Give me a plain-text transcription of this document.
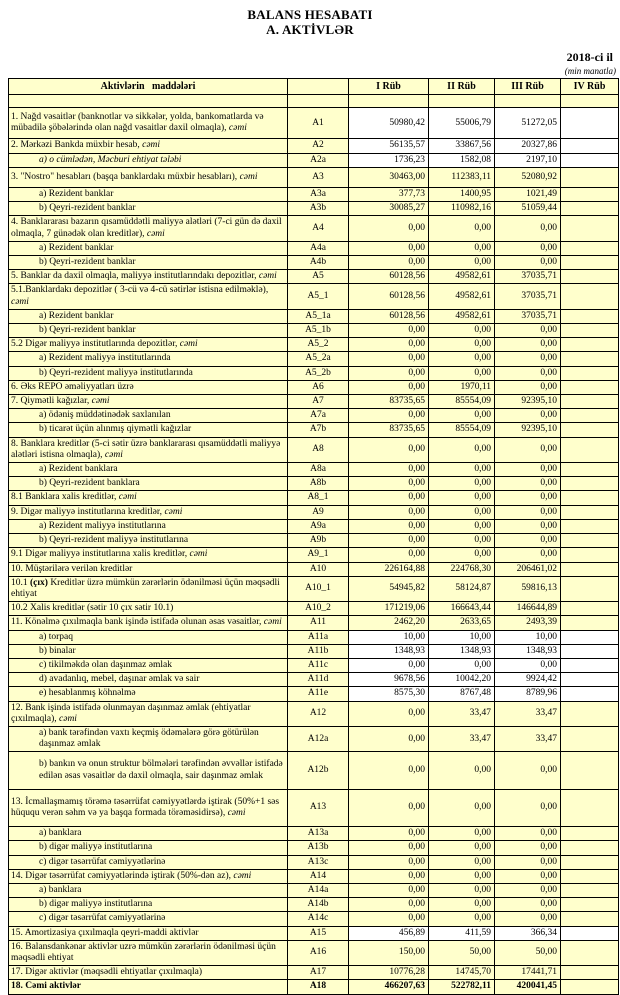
BALANS HESABATI
A. AKTİVLƏR
2018-ci il
(min manatla)
Aktivlərin maddələri		I Rüb	II Rüb	III Rüb	IV Rüb

1. Nağd vəsaitlər (banknotlar və sikkələr, yolda, bankomatlarda və mübadilə şöbələrində olan nağd vəsaitlər daxil olmaqla), cəmi	A1	50980,42	55006,79	51272,05	
2. Mərkəzi Bankda müxbir hesab, cəmi	A2	56135,57	33867,56	20327,86	
a) o cümlədən, Məcburi ehtiyat tələbi	A2a	1736,23	1582,08	2197,10	
3. "Nostro" hesabları (başqa banklardakı müxbir hesabları), cəmi	A3	30463,00	112383,11	52080,92	
a) Rezident banklar	A3a	377,73	1400,95	1021,49	
b) Qeyri-rezident banklar	A3b	30085,27	110982,16	51059,44	
4. Banklararası bazarın qısamüddətli maliyyə alətləri (7-ci gün də daxil olmaqla, 7 günədək olan kreditlər), cəmi	A4	0,00	0,00	0,00	
a) Rezident banklar	A4a	0,00	0,00	0,00	
b) Qeyri-rezident banklar	A4b	0,00	0,00	0,00	
5. Banklar da daxil olmaqla, maliyyə institutlarındakı depozitlər, cəmi	A5	60128,56	49582,61	37035,71	
5.1.Banklardakı depozitlər ( 3-cü və 4-cü sətirlər istisna edilməklə), cəmi	A5_1	60128,56	49582,61	37035,71	
a) Rezident banklar	A5_1a	60128,56	49582,61	37035,71	
b) Qeyri-rezident banklar	A5_1b	0,00	0,00	0,00	
5.2 Digər maliyyə institutlarında depozitlər, cəmi	A5_2	0,00	0,00	0,00	
a) Rezident maliyyə institutlarında	A5_2a	0,00	0,00	0,00	
b) Qeyri-rezident maliyyə institutlarında	A5_2b	0,00	0,00	0,00	
6. Əks REPO əməliyyatları üzrə	A6	0,00	1970,11	0,00	
7. Qiymətli kağızlar, cəmi	A7	83735,65	85554,09	92395,10	
a) ödəniş müddətinədək saxlanılan	A7a	0,00	0,00	0,00	
b) ticarət üçün alınmış qiymətli kağızlar	A7b	83735,65	85554,09	92395,10	
8. Banklara kreditlər (5-ci sətir üzrə banklararası qısamüddətli maliyyə alətləri istisna olmaqla), cəmi	A8	0,00	0,00	0,00	
a) Rezident banklara	A8a	0,00	0,00	0,00	
b) Qeyri-rezident banklara	A8b	0,00	0,00	0,00	
8.1 Banklara xalis kreditlər, cəmi	A8_1	0,00	0,00	0,00	
9. Digər maliyyə institutlarına kreditlər, cəmi	A9	0,00	0,00	0,00	
a) Rezident maliyyə institutlarına	A9a	0,00	0,00	0,00	
b) Qeyri-rezident maliyyə institutlarına	A9b	0,00	0,00	0,00	
9.1 Digər maliyyə institutlarına xalis kreditlər, cəmi	A9_1	0,00	0,00	0,00	
10. Müştərilərə verilən kreditlər	A10	226164,88	224768,30	206461,02	
10.1 (çıx) Kreditlər üzrə mümkün zərərlərin ödənilməsi üçün məqsədli ehtiyat	A10_1	54945,82	58124,87	59816,13	
10.2 Xalis kreditlər (sətir 10 çıx sətir 10.1)	A10_2	171219,06	166643,44	146644,89	
11. Könəlmə çıxılmaqla bank işində istifadə olunan əsas vəsaitlər, cəmi	A11	2462,20	2633,65	2493,39	
a) torpaq	A11a	10,00	10,00	10,00	
b) binalar	A11b	1348,93	1348,93	1348,93	
c) tikilməkdə olan daşınmaz əmlak	A11c	0,00	0,00	0,00	
d) avadanlıq, mebel, daşınar əmlak və sair	A11d	9678,56	10042,20	9924,42	
e) hesablanmış köhnəlmə	A11e	8575,30	8767,48	8789,96	
12. Bank işində istifadə olunmayan daşınmaz əmlak (ehtiyatlar çıxılmaqla), cəmi	A12	0,00	33,47	33,47	
a) bank tərəfindən vaxtı keçmiş ödəmələrə görə götürülən daşınmaz əmlak	A12a	0,00	33,47	33,47	
b) bankın və onun struktur bölmələri tərəfindən əvvəllər istifadə edilən əsas vəsaitlər də daxil olmaqla, sair daşınmaz əmlak	A12b	0,00	0,00	0,00	
13. İcmallaşmamış törəmə təsərrüfat cəmiyyətlərdə iştirak (50%+1 səs hüququ verən səhm və ya başqa formada törəməsidirsə), cəmi	A13	0,00	0,00	0,00	
a) banklara	A13a	0,00	0,00	0,00	
b) digər maliyyə institutlarına	A13b	0,00	0,00	0,00	
c) digər təsərrüfat cəmiyyətlərinə	A13c	0,00	0,00	0,00	
14. Digər təsərrüfat cəmiyyətlərində iştirak (50%-dən az), cəmi	A14	0,00	0,00	0,00	
a) banklara	A14a	0,00	0,00	0,00	
b) digər maliyyə institutlarına	A14b	0,00	0,00	0,00	
c) digər təsərrüfat cəmiyyətlərinə	A14c	0,00	0,00	0,00	
15. Amortizasiya çıxılmaqla qeyri-maddi aktivlər	A15	456,89	411,59	366,34	
16. Balansdankənar aktivlər uzrə mümkün zərərlərin ödənilməsi üçün məqsədli ehtiyat	A16	150,00	50,00	50,00	
17. Digər aktivlər (məqsədli ehtiyatlar çıxılmaqla)	A17	10776,28	14745,70	17441,71	
18. Cəmi aktivlər	A18	466207,63	522782,11	420041,45	
